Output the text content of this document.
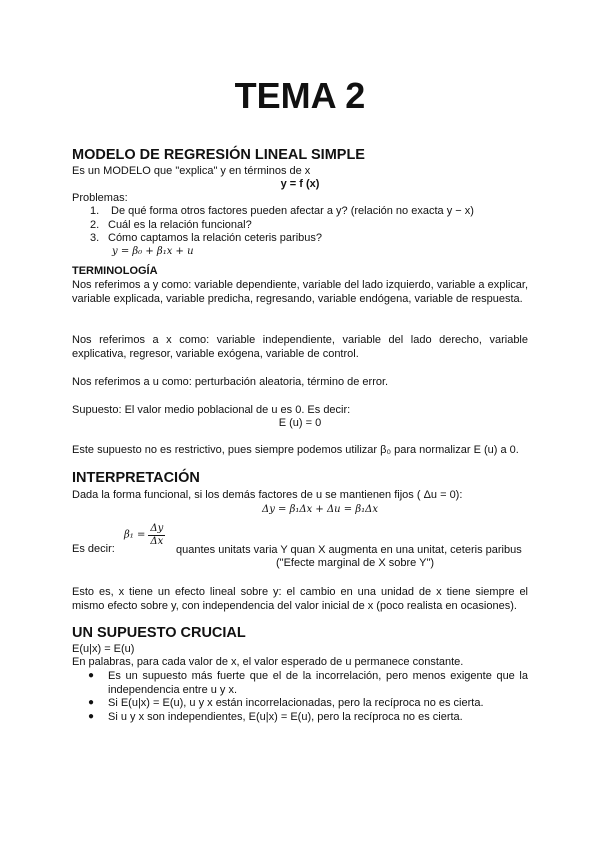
TEMA 2
MODELO DE REGRESIÓN LINEAL SIMPLE
Es un MODELO que "explica" y en términos de x
y = f (x)
Problemas:
1. De qué forma otros factores pueden afectar a y? (relación no exacta y − x)
2. Cuál es la relación funcional?
3. Cómo captamos la relación ceteris paribus?
y = β₀ + β₁x + u
TERMINOLOGÍA
Nos referimos a y como: variable dependiente, variable del lado izquierdo, variable a explicar, variable explicada, variable predicha, regresando, variable endógena, variable de respuesta.
Nos referimos a x como: variable independiente, variable del lado derecho, variable explicativa, regresor, variable exógena, variable de control.
Nos referimos a u como: perturbación aleatoria, término de error.
Supuesto: El valor medio poblacional de u es 0. Es decir:
E (u) = 0
Este supuesto no es restrictivo, pues siempre podemos utilizar β₀ para normalizar E (u) a 0.
INTERPRETACIÓN
Dada la forma funcional, si los demás factores de u se mantienen fijos ( Δu = 0):
Δy = β₁Δx + Δu = β₁Δx
Es decir:
$\beta_1 = \frac{\Delta y}{\Delta x}$
quantes unitats varia Y quan X augmenta en una unitat, ceteris paribus
("Efecte marginal de X sobre Y")
Esto es, x tiene un efecto lineal sobre y: el cambio en una unidad de x tiene siempre el mismo efecto sobre y, con independencia del valor inicial de x (poco realista en ocasiones).
UN SUPUESTO CRUCIAL
E(u|x) = E(u)
En palabras, para cada valor de x, el valor esperado de u permanece constante.
● Es un supuesto más fuerte que el de la incorrelación, pero menos exigente que la independencia entre u y x.
● Si E(u|x) = E(u), u y x están incorrelacionadas, pero la recíproca no es cierta.
● Si u y x son independientes, E(u|x) = E(u), pero la recíproca no es cierta.
